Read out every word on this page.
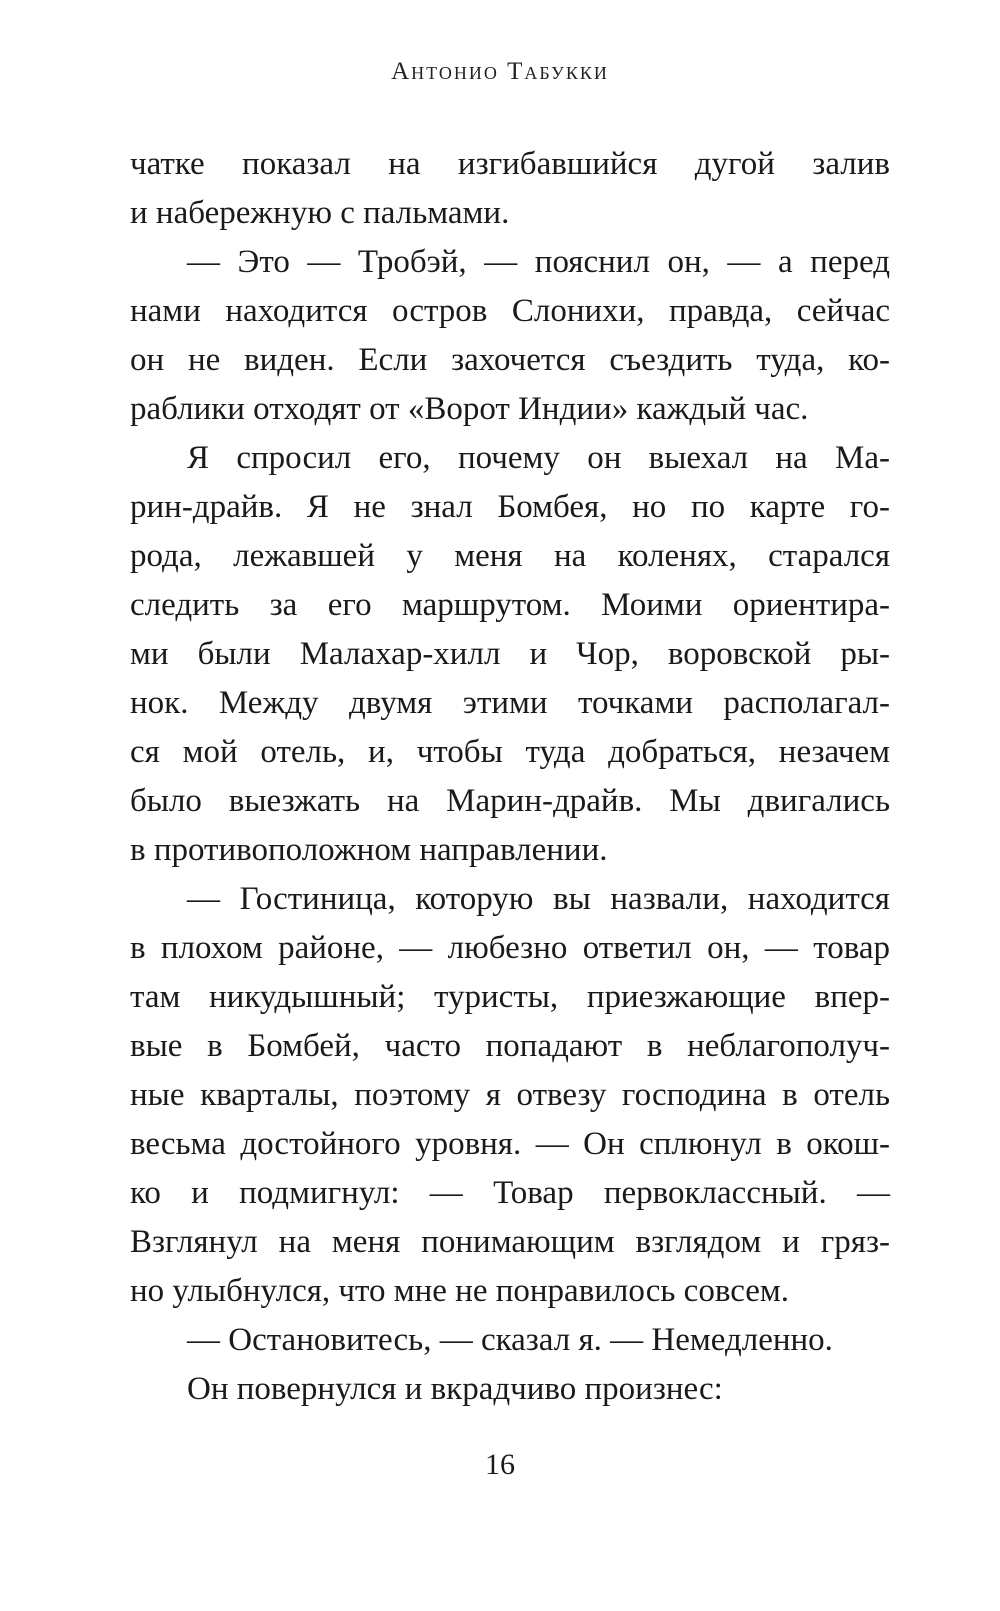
Антонио Табукки
чатке показал на изгибавшийся дугой залив
и набережную с пальмами.
— Это — Тробэй, — пояснил он, — а перед
нами находится остров Слонихи, правда, сейчас
он не виден. Если захочется съездить туда, ко-
раблики отходят от «Ворот Индии» каждый час.
Я спросил его, почему он выехал на Ма-
рин-драйв. Я не знал Бомбея, но по карте го-
рода, лежавшей у меня на коленях, старался
следить за его маршрутом. Моими ориентира-
ми были Малахар-хилл и Чор, воровской ры-
нок. Между двумя этими точками располагал-
ся мой отель, и, чтобы туда добраться, незачем
было выезжать на Марин-драйв. Мы двигались
в противоположном направлении.
— Гостиница, которую вы назвали, находится
в плохом районе, — любезно ответил он, — товар
там никудышный; туристы, приезжающие впер-
вые в Бомбей, часто попадают в неблагополуч-
ные кварталы, поэтому я отвезу господина в отель
весьма достойного уровня. — Он сплюнул в окош-
ко и подмигнул: — Товар первоклассный. —
Взглянул на меня понимающим взглядом и гряз-
но улыбнулся, что мне не понравилось совсем.
— Остановитесь, — сказал я. — Немедленно.
Он повернулся и вкрадчиво произнес:
16
